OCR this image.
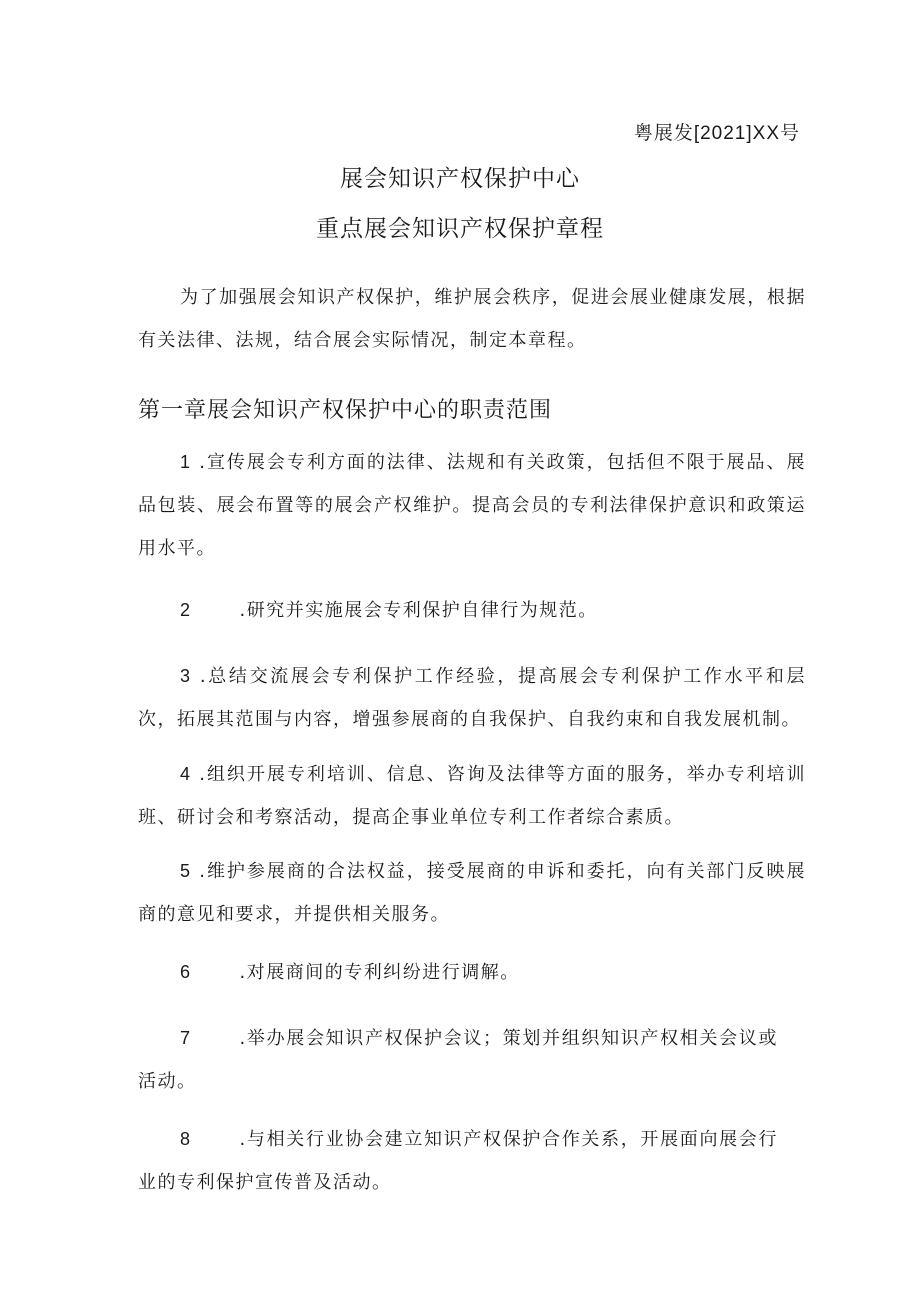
粤展发[2021]XX号
展会知识产权保护中心
重点展会知识产权保护章程

为了加强展会知识产权保护，维护展会秩序，促进会展业健康发展，根据有关法律、法规，结合展会实际情况，制定本章程。

第一章展会知识产权保护中心的职责范围

1 .宣传展会专利方面的法律、法规和有关政策，包括但不限于展品、展品包装、展会布置等的展会产权维护。提高会员的专利法律保护意识和政策运用水平。

2	.研究并实施展会专利保护自律行为规范。

3 .总结交流展会专利保护工作经验，提高展会专利保护工作水平和层次，拓展其范围与内容，增强参展商的自我保护、自我约束和自我发展机制。

4 .组织开展专利培训、信息、咨询及法律等方面的服务，举办专利培训班、研讨会和考察活动，提高企事业单位专利工作者综合素质。

5 .维护参展商的合法权益，接受展商的申诉和委托，向有关部门反映展商的意见和要求，并提供相关服务。

6	.对展商间的专利纠纷进行调解。

7	.举办展会知识产权保护会议；策划并组织知识产权相关会议或活动。

8	.与相关行业协会建立知识产权保护合作关系，开展面向展会行业的专利保护宣传普及活动。
